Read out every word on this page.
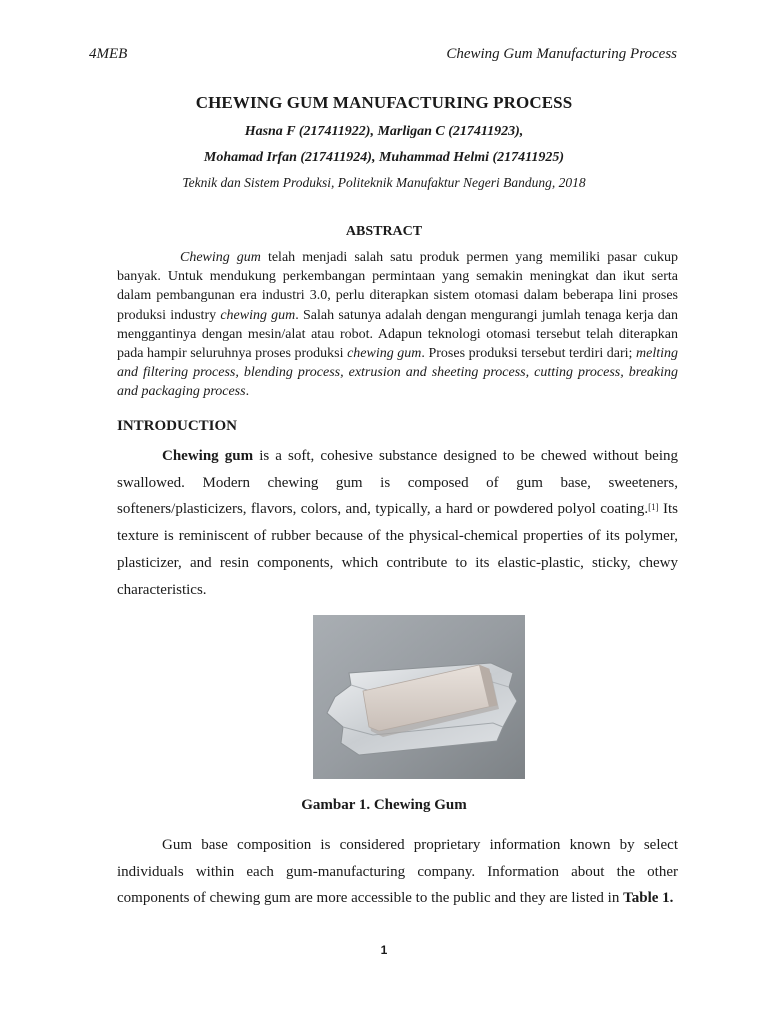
4MEB	Chewing Gum Manufacturing Process
CHEWING GUM MANUFACTURING PROCESS
Hasna F (217411922), Marligan C (217411923),
Mohamad Irfan (217411924), Muhammad Helmi (217411925)
Teknik dan Sistem Produksi, Politeknik Manufaktur Negeri Bandung, 2018
ABSTRACT
Chewing gum telah menjadi salah satu produk permen yang memiliki pasar cukup banyak. Untuk mendukung perkembangan permintaan yang semakin meningkat dan ikut serta dalam pembangunan era industri 3.0, perlu diterapkan sistem otomasi dalam beberapa lini proses produksi industry chewing gum. Salah satunya adalah dengan mengurangi jumlah tenaga kerja dan menggantinya dengan mesin/alat atau robot. Adapun teknologi otomasi tersebut telah diterapkan pada hampir seluruhnya proses produksi chewing gum. Proses produksi tersebut terdiri dari; melting and filtering process, blending process, extrusion and sheeting process, cutting process, breaking and packaging process.
INTRODUCTION
Chewing gum is a soft, cohesive substance designed to be chewed without being swallowed. Modern chewing gum is composed of gum base, sweeteners, softeners/plasticizers, flavors, colors, and, typically, a hard or powdered polyol coating.[1] Its texture is reminiscent of rubber because of the physical-chemical properties of its polymer, plasticizer, and resin components, which contribute to its elastic-plastic, sticky, chewy characteristics.
Gambar 1. Chewing Gum
Gum base composition is considered proprietary information known by select individuals within each gum-manufacturing company. Information about the other components of chewing gum are more accessible to the public and they are listed in Table 1.
1
